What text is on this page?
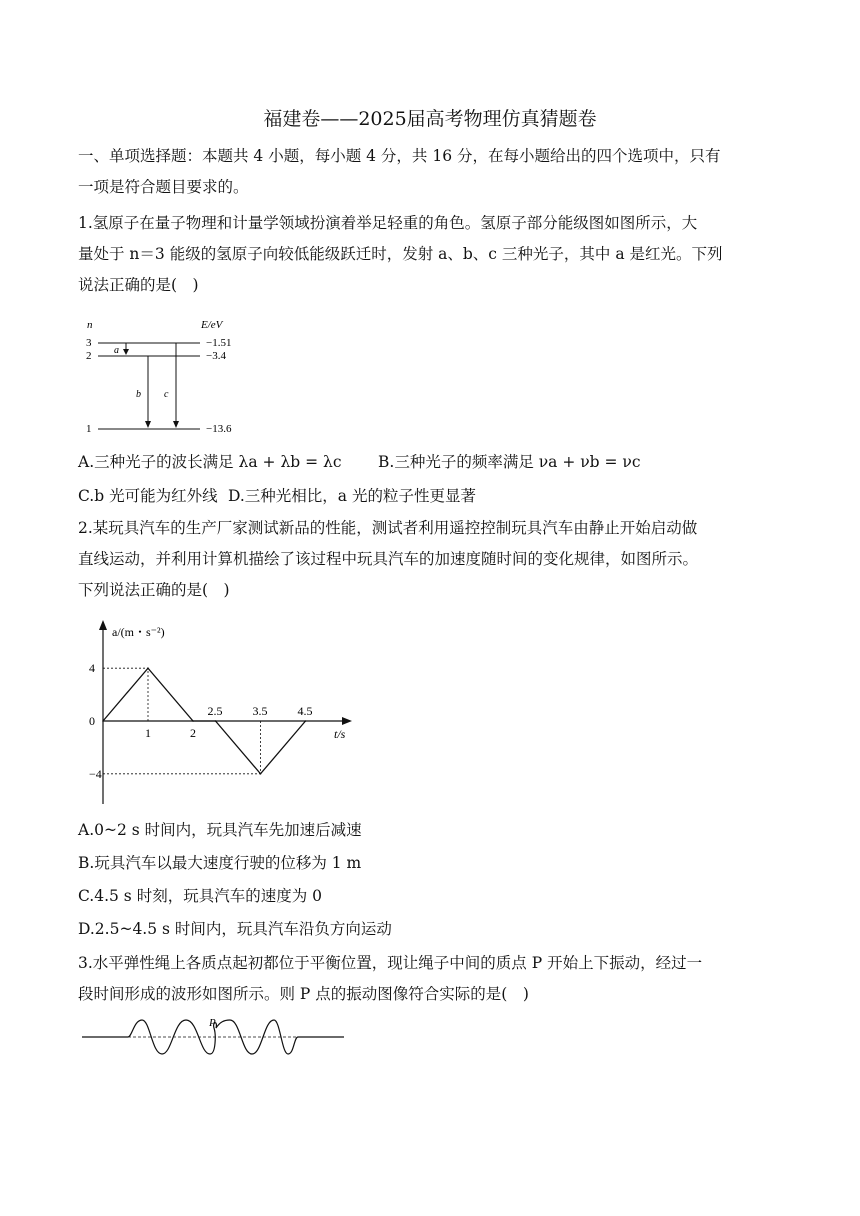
福建卷——2025届高考物理仿真猜题卷
一、单项选择题：本题共 4 小题，每小题 4 分，共 16 分，在每小题给出的四个选项中，只有
一项是符合题目要求的。
1.氢原子在量子物理和计量学领域扮演着举足轻重的角色。氢原子部分能级图如图所示，大
量处于 n＝3 能级的氢原子向较低能级跃迁时，发射 a、b、c 三种光子，其中 a 是红光。下列
说法正确的是(　)
n	E/eV
3	−1.51
2	−3.4
1	−13.6
a
b c
A.三种光子的波长满足 λa + λb = λc B.三种光子的频率满足 νa + νb = νc
C.b 光可能为红外线 D.三种光相比，a 光的粒子性更显著
2.某玩具汽车的生产厂家测试新品的性能，测试者利用遥控控制玩具汽车由静止开始启动做
直线运动，并利用计算机描绘了该过程中玩具汽车的加速度随时间的变化规律，如图所示。
下列说法正确的是(　)
a/(m・s⁻²)
t/s
1	2
2.5	3.5	4.5
4
0
−4
A.0~2 s 时间内，玩具汽车先加速后减速
B.玩具汽车以最大速度行驶的位移为 1 m
C.4.5 s 时刻，玩具汽车的速度为 0
D.2.5~4.5 s 时间内，玩具汽车沿负方向运动
3.水平弹性绳上各质点起初都位于平衡位置，现让绳子中间的质点 P 开始上下振动，经过一
段时间形成的波形如图所示。则 P 点的振动图像符合实际的是(　)
P
